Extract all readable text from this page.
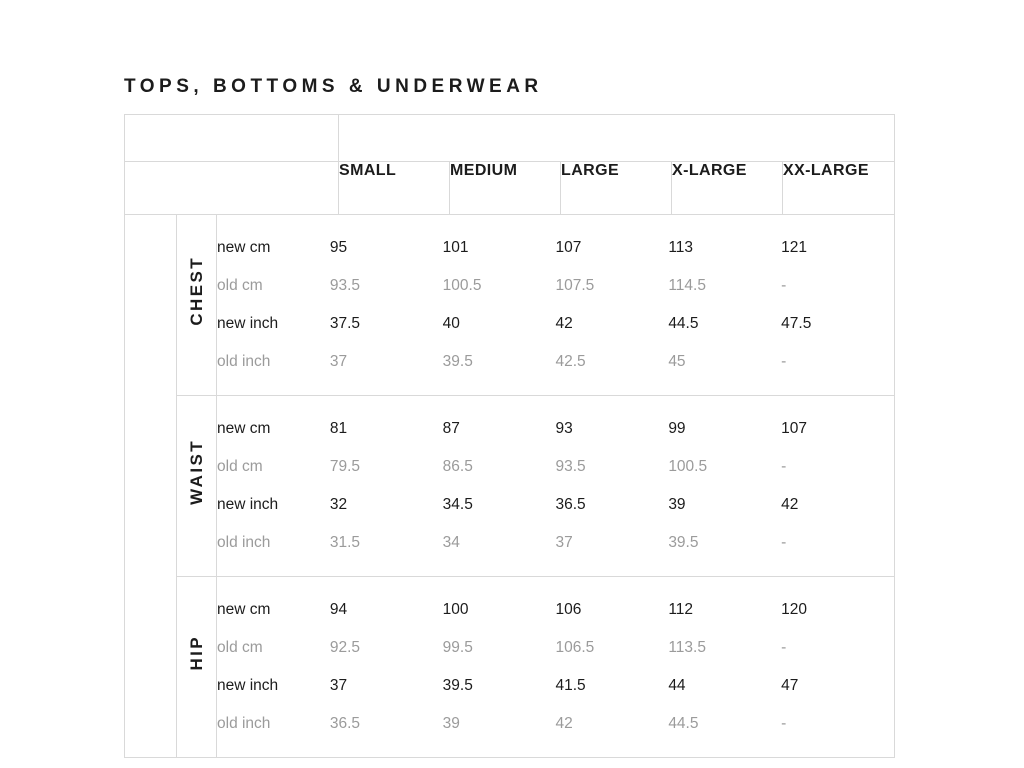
TOPS, BOTTOMS & UNDERWEAR
	MONS SIZE
	SMALL	MEDIUM	LARGE	X-LARGE	XX-LARGE

BODY MEASUREMENTS

CHEST

new cm	95	101	107	113	121
old cm	93.5	100.5	107.5	114.5	-
new inch	37.5	40	42	44.5	47.5
old inch	37	39.5	42.5	45	-

WAIST

new cm	81	87	93	99	107
old cm	79.5	86.5	93.5	100.5	-
new inch	32	34.5	36.5	39	42
old inch	31.5	34	37	39.5	-

HIP

new cm	94	100	106	112	120
old cm	92.5	99.5	106.5	113.5	-
new inch	37	39.5	41.5	44	47
old inch	36.5	39	42	44.5	-
